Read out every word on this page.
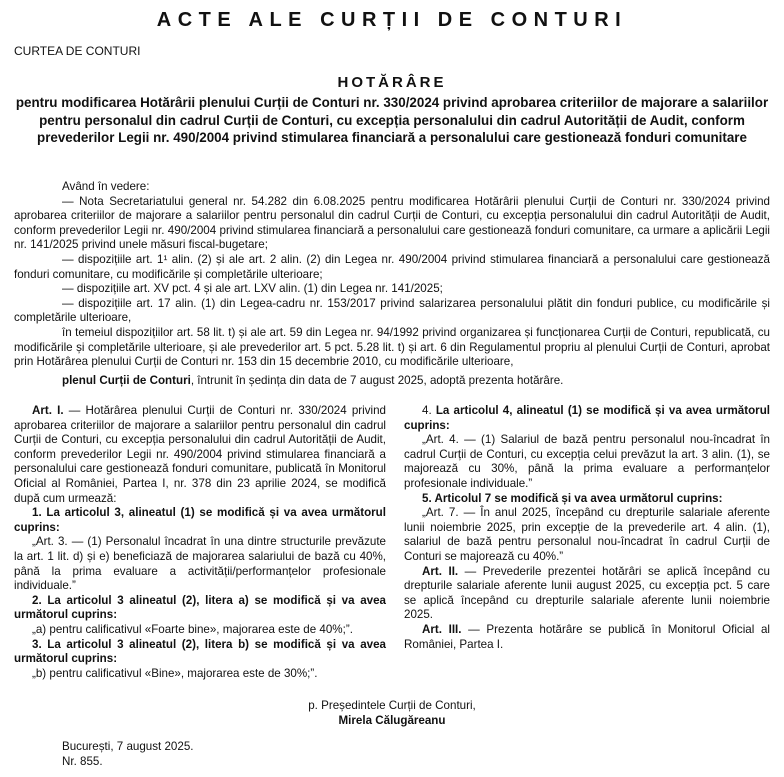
ACTE ALE CURȚII DE CONTURI
CURTEA DE CONTURI
HOTĂRÂRE
pentru modificarea Hotărârii plenului Curții de Conturi nr. 330/2024 privind aprobarea criteriilor de majorare a salariilor pentru personalul din cadrul Curții de Conturi, cu excepția personalului din cadrul Autorității de Audit, conform prevederilor Legii nr. 490/2004 privind stimularea financiară a personalului care gestionează fonduri comunitare

Având în vedere:

— Nota Secretariatului general nr. 54.282 din 6.08.2025 pentru modificarea Hotărârii plenului Curții de Conturi nr. 330/2024 privind aprobarea criteriilor de majorare a salariilor pentru personalul din cadrul Curții de Conturi, cu excepția personalului din cadrul Autorității de Audit, conform prevederilor Legii nr. 490/2004 privind stimularea financiară a personalului care gestionează fonduri comunitare, ca urmare a aplicării Legii nr. 141/2025 privind unele măsuri fiscal-bugetare;

— dispozițiile art. 1¹ alin. (2) și ale art. 2 alin. (2) din Legea nr. 490/2004 privind stimularea financiară a personalului care gestionează fonduri comunitare, cu modificările și completările ulterioare;

— dispozițiile art. XV pct. 4 și ale art. LXV alin. (1) din Legea nr. 141/2025;

— dispozițiile art. 17 alin. (1) din Legea-cadru nr. 153/2017 privind salarizarea personalului plătit din fonduri publice, cu modificările și completările ulterioare,

în temeiul dispozițiilor art. 58 lit. t) și ale art. 59 din Legea nr. 94/1992 privind organizarea și funcționarea Curții de Conturi, republicată, cu modificările și completările ulterioare, și ale prevederilor art. 5 pct. 5.28 lit. t) și art. 6 din Regulamentul propriu al plenului Curții de Conturi, aprobat prin Hotărârea plenului Curții de Conturi nr. 153 din 15 decembrie 2010, cu modificările ulterioare,

plenul Curții de Conturi, întrunit în ședința din data de 7 august 2025, adoptă prezenta hotărâre.

Art. I. — Hotărârea plenului Curții de Conturi nr. 330/2024 privind aprobarea criteriilor de majorare a salariilor pentru personalul din cadrul Curții de Conturi, cu excepția personalului din cadrul Autorității de Audit, conform prevederilor Legii nr. 490/2004 privind stimularea financiară a personalului care gestionează fonduri comunitare, publicată în Monitorul Oficial al României, Partea I, nr. 378 din 23 aprilie 2024, se modifică după cum urmează:

1. La articolul 3, alineatul (1) se modifică și va avea următorul cuprins:

„Art. 3. — (1) Personalul încadrat în una dintre structurile prevăzute la art. 1 lit. d) și e) beneficiază de majorarea salariului de bază cu 40%, până la prima evaluare a activității/performanțelor profesionale individuale.”

2. La articolul 3 alineatul (2), litera a) se modifică și va avea următorul cuprins:

„a) pentru calificativul «Foarte bine», majorarea este de 40%;”.

3. La articolul 3 alineatul (2), litera b) se modifică și va avea următorul cuprins:

„b) pentru calificativul «Bine», majorarea este de 30%;”.

4. La articolul 4, alineatul (1) se modifică și va avea următorul cuprins:

„Art. 4. — (1) Salariul de bază pentru personalul nou-încadrat în cadrul Curții de Conturi, cu excepția celui prevăzut la art. 3 alin. (1), se majorează cu 30%, până la prima evaluare a performanțelor profesionale individuale.”

5. Articolul 7 se modifică și va avea următorul cuprins:

„Art. 7. — În anul 2025, începând cu drepturile salariale aferente lunii noiembrie 2025, prin excepție de la prevederile art. 4 alin. (1), salariul de bază pentru personalul nou-încadrat în cadrul Curții de Conturi se majorează cu 40%.”

Art. II. — Prevederile prezentei hotărâri se aplică începând cu drepturile salariale aferente lunii august 2025, cu excepția pct. 5 care se aplică începând cu drepturile salariale aferente lunii noiembrie 2025.

Art. III. — Prezenta hotărâre se publică în Monitorul Oficial al României, Partea I.

p. Președintele Curții de Conturi,
Mirela Călugăreanu
București, 7 august 2025.
Nr. 855.
